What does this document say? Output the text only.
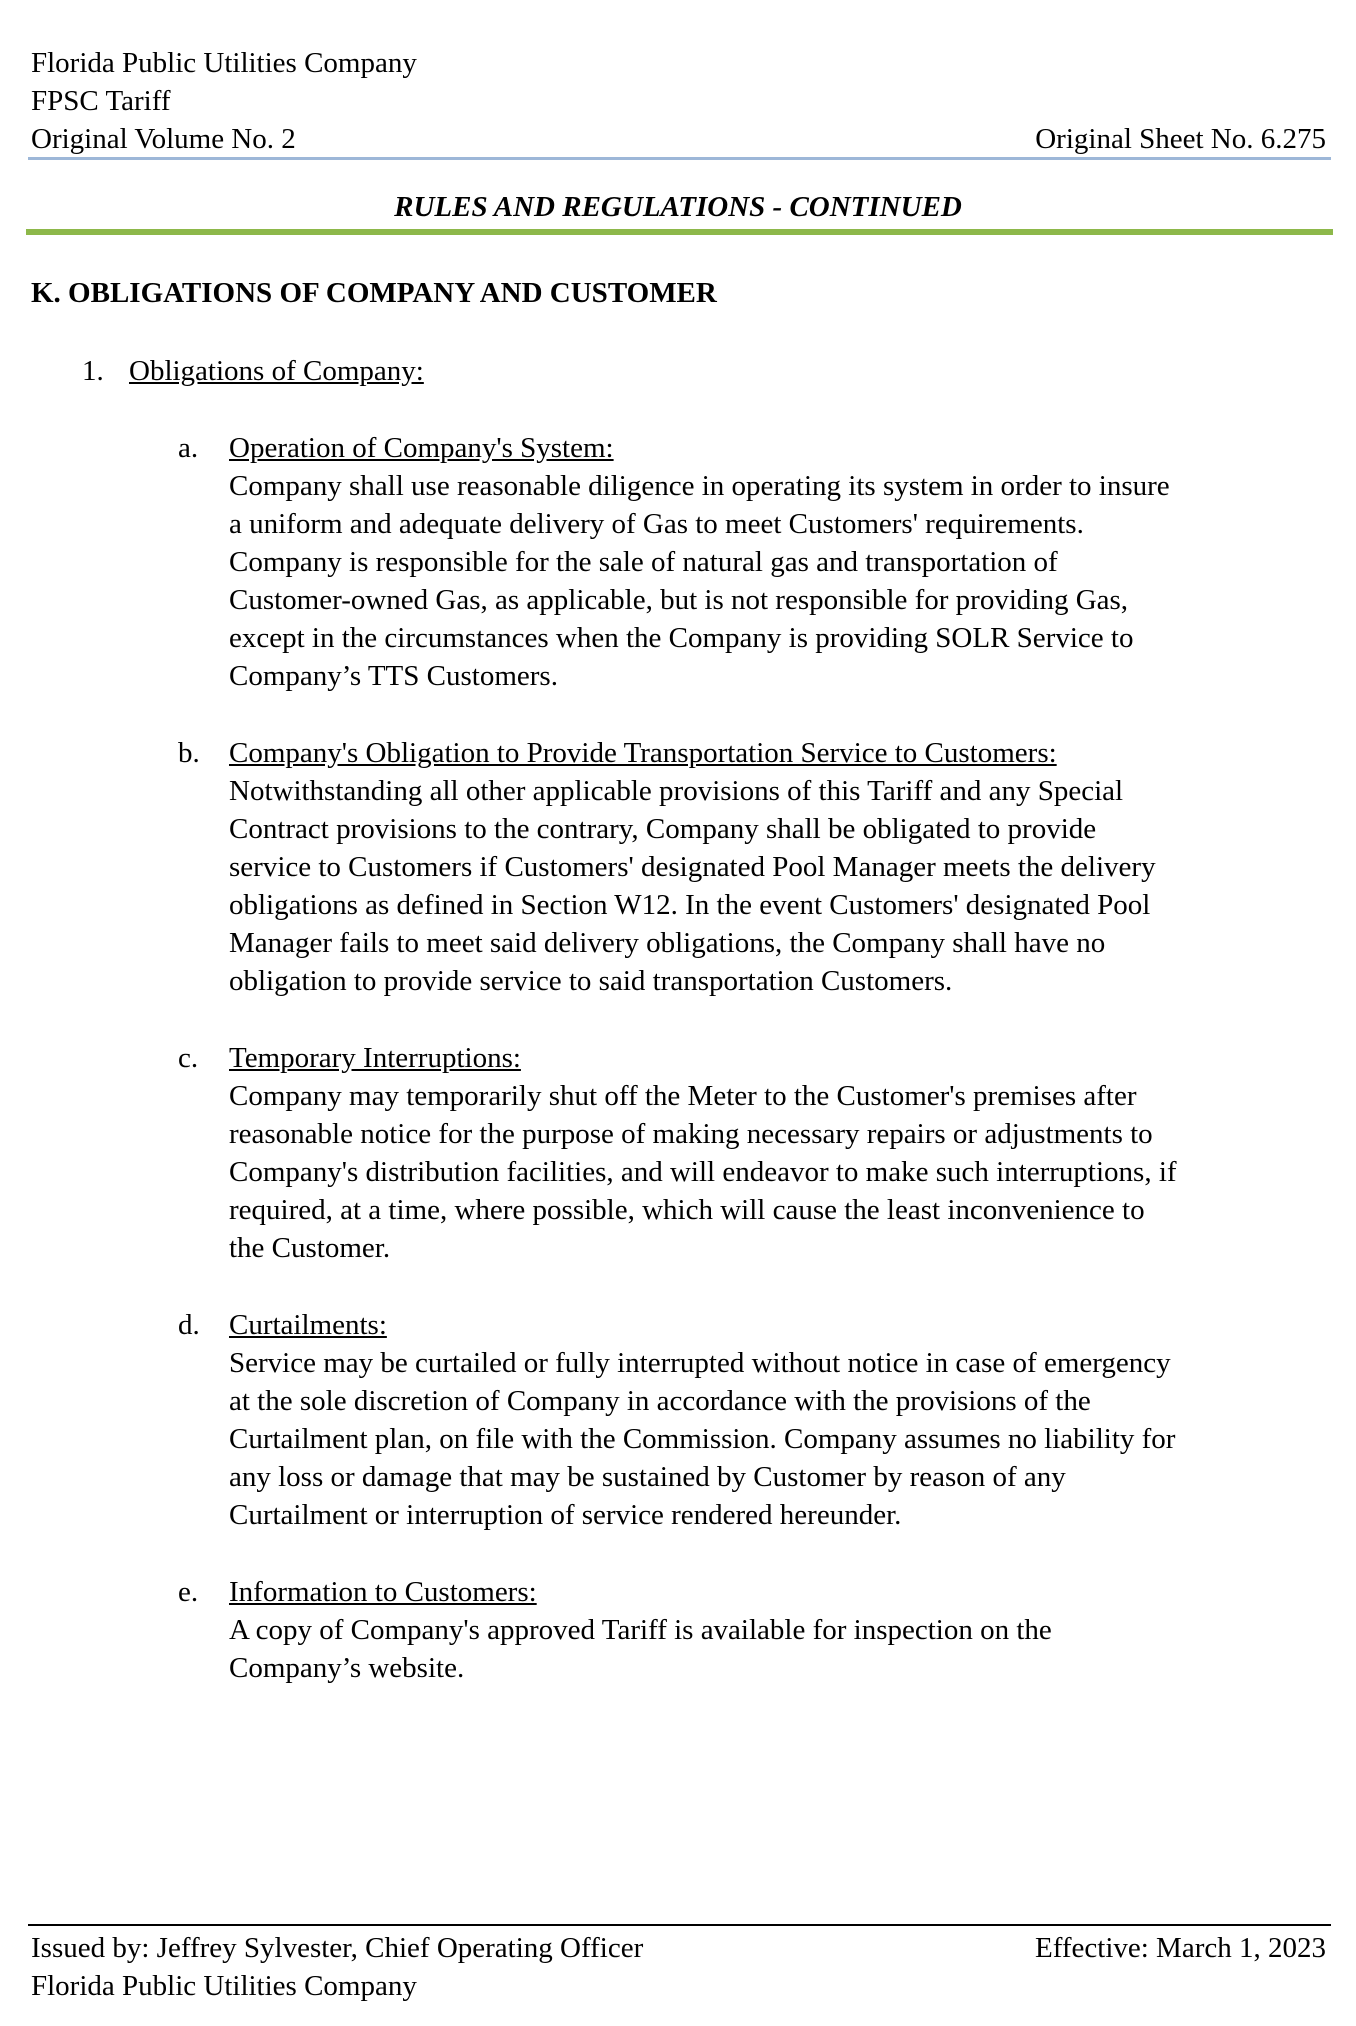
Florida Public Utilities Company
FPSC Tariff
Original Volume No. 2	Original Sheet No. 6.275
RULES AND REGULATIONS - CONTINUED
K. OBLIGATIONS OF COMPANY AND CUSTOMER
1. Obligations of Company:
a. Operation of Company's System:
Company shall use reasonable diligence in operating its system in order to insure
a uniform and adequate delivery of Gas to meet Customers' requirements.
Company is responsible for the sale of natural gas and transportation of
Customer-owned Gas, as applicable, but is not responsible for providing Gas,
except in the circumstances when the Company is providing SOLR Service to
Company’s TTS Customers.
b. Company's Obligation to Provide Transportation Service to Customers:
Notwithstanding all other applicable provisions of this Tariff and any Special
Contract provisions to the contrary, Company shall be obligated to provide
service to Customers if Customers' designated Pool Manager meets the delivery
obligations as defined in Section W12. In the event Customers' designated Pool
Manager fails to meet said delivery obligations, the Company shall have no
obligation to provide service to said transportation Customers.
c. Temporary Interruptions:
Company may temporarily shut off the Meter to the Customer's premises after
reasonable notice for the purpose of making necessary repairs or adjustments to
Company's distribution facilities, and will endeavor to make such interruptions, if
required, at a time, where possible, which will cause the least inconvenience to
the Customer.
d. Curtailments:
Service may be curtailed or fully interrupted without notice in case of emergency
at the sole discretion of Company in accordance with the provisions of the
Curtailment plan, on file with the Commission. Company assumes no liability for
any loss or damage that may be sustained by Customer by reason of any
Curtailment or interruption of service rendered hereunder.
e. Information to Customers:
A copy of Company's approved Tariff is available for inspection on the
Company’s website.
Issued by: Jeffrey Sylvester, Chief Operating Officer	Effective: March 1, 2023
Florida Public Utilities Company
